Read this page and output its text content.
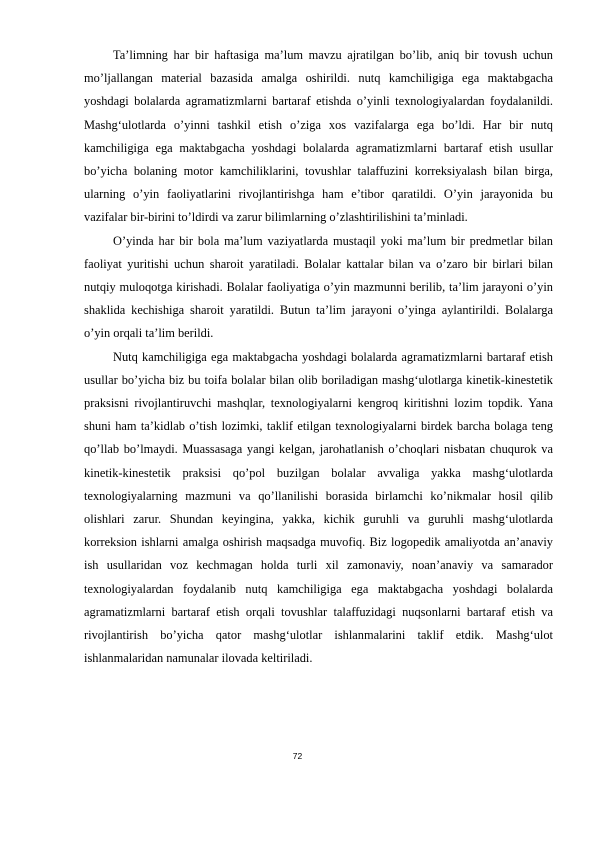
Ta’limning har bir haftasiga ma’lum mavzu ajratilgan bo’lib, aniq bir tovush uchun mo’ljallangan material bazasida amalga oshirildi. nutq kamchiligiga ega maktabgacha yoshdagi bolalarda agramatizmlarni bartaraf etishda o’yinli texnologiyalardan foydalanildi. Mashg‘ulotlarda o’yinni tashkil etish o’ziga xos vazifalarga ega bo’ldi. Har bir nutq kamchiligiga ega maktabgacha yoshdagi bolalarda agramatizmlarni bartaraf etish usullar bo’yicha bolaning motor kamchiliklarini, tovushlar talaffuzini korreksiyalash bilan birga, ularning o’yin faoliyatlarini rivojlantirishga ham e’tibor qaratildi. O’yin jarayonida bu vazifalar bir-birini to’ldirdi va zarur bilimlarning o’zlashtirilishini ta’minladi.

O’yinda har bir bola ma’lum vaziyatlarda mustaqil yoki ma’lum bir predmetlar bilan faoliyat yuritishi uchun sharoit yaratiladi. Bolalar kattalar bilan va o’zaro bir birlari bilan nutqiy muloqotga kirishadi. Bolalar faoliyatiga o’yin mazmunni berilib, ta’lim jarayoni o’yin shaklida kechishiga sharoit yaratildi. Butun ta’lim jarayoni o’yinga aylantirildi. Bolalarga o’yin orqali ta’lim berildi.

Nutq kamchiligiga ega maktabgacha yoshdagi bolalarda agramatizmlarni bartaraf etish usullar bo’yicha biz bu toifa bolalar bilan olib boriladigan mashg‘ulotlarga kinetik-kinestetik praksisni rivojlantiruvchi mashqlar, texnologiyalarni kengroq kiritishni lozim topdik. Yana shuni ham ta’kidlab o’tish lozimki, taklif etilgan texnologiyalarni birdek barcha bolaga teng qo’llab bo’lmaydi. Muassasaga yangi kelgan, jarohatlanish o’choqlari nisbatan chuqurok va kinetik-kinestetik praksisi qo’pol buzilgan bolalar avvaliga yakka mashg‘ulotlarda texnologiyalarning mazmuni va qo’llanilishi borasida birlamchi ko’nikmalar hosil qilib olishlari zarur. Shundan keyingina, yakka, kichik guruhli va guruhli mashg‘ulotlarda korreksion ishlarni amalga oshirish maqsadga muvofiq. Biz logopedik amaliyotda an’anaviy ish usullaridan voz kechmagan holda turli xil zamonaviy, noan’anaviy va samarador texnologiyalardan foydalanib nutq kamchiligiga ega maktabgacha yoshdagi bolalarda agramatizmlarni bartaraf etish orqali tovushlar talaffuzidagi nuqsonlarni bartaraf etish va rivojlantirish bo’yicha qator mashg‘ulotlar ishlanmalarini taklif etdik. Mashg‘ulot ishlanmalaridan namunalar ilovada keltiriladi.

72
